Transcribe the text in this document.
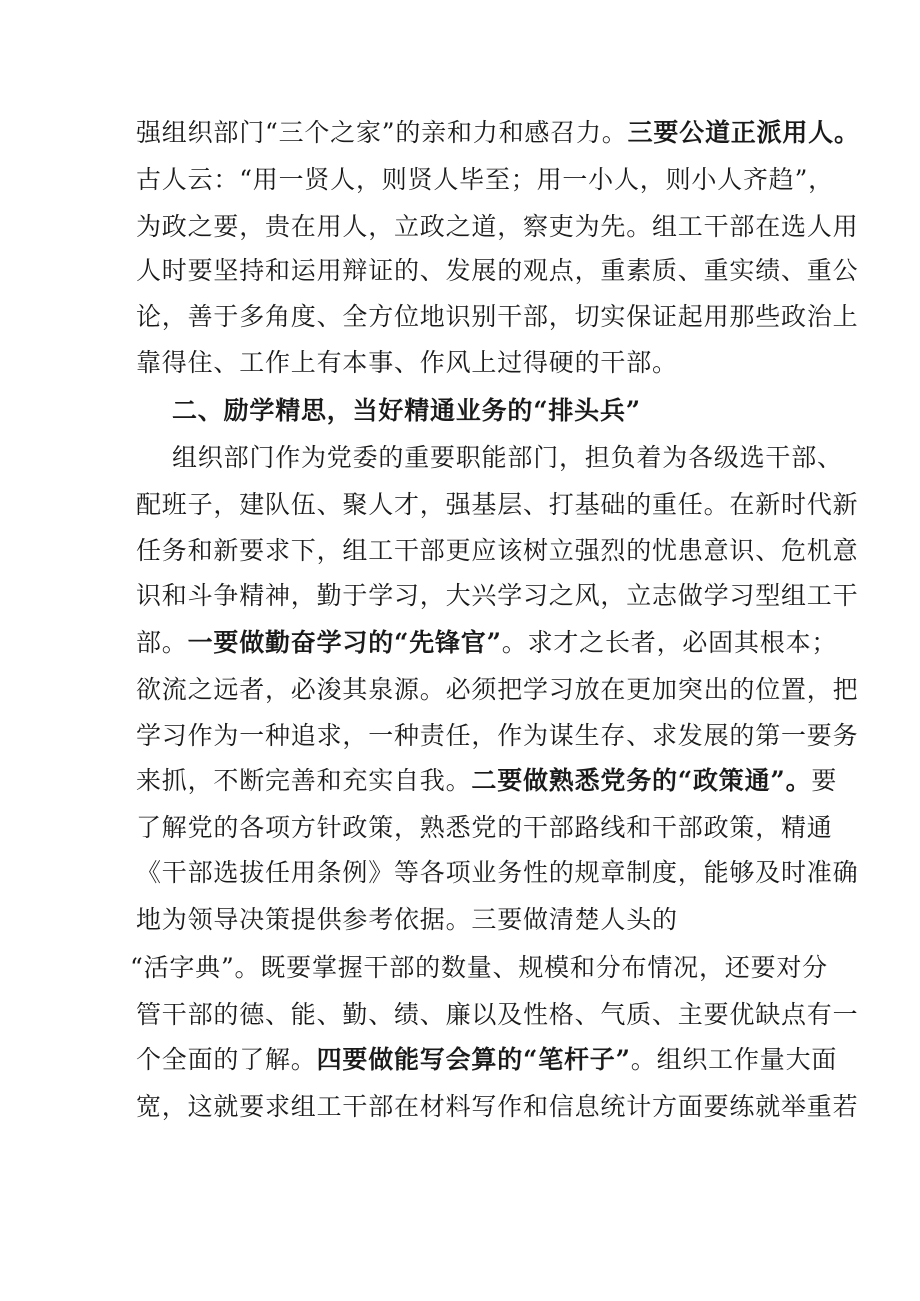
强组织部门“三个之家”的亲和力和感召力。三要公道正派用人。
古人云：“用一贤人，则贤人毕至；用一小人，则小人齐趋”，
为政之要，贵在用人，立政之道，察吏为先。组工干部在选人用
人时要坚持和运用辩证的、发展的观点，重素质、重实绩、重公
论，善于多角度、全方位地识别干部，切实保证起用那些政治上
靠得住、工作上有本事、作风上过得硬的干部。
二、励学精思，当好精通业务的“排头兵”
组织部门作为党委的重要职能部门，担负着为各级选干部、
配班子，建队伍、聚人才，强基层、打基础的重任。在新时代新
任务和新要求下，组工干部更应该树立强烈的忧患意识、危机意
识和斗争精神，勤于学习，大兴学习之风，立志做学习型组工干
部。一要做勤奋学习的“先锋官”。求才之长者，必固其根本；
欲流之远者，必浚其泉源。必须把学习放在更加突出的位置，把
学习作为一种追求，一种责任，作为谋生存、求发展的第一要务
来抓，不断完善和充实自我。二要做熟悉党务的“政策通”。要
了解党的各项方针政策，熟悉党的干部路线和干部政策，精通
《干部选拔任用条例》等各项业务性的规章制度，能够及时准确
地为领导决策提供参考依据。三要做清楚人头的
“活字典”。既要掌握干部的数量、规模和分布情况，还要对分
管干部的德、能、勤、绩、廉以及性格、气质、主要优缺点有一
个全面的了解。四要做能写会算的“笔杆子”。组织工作量大面
宽，这就要求组工干部在材料写作和信息统计方面要练就举重若
